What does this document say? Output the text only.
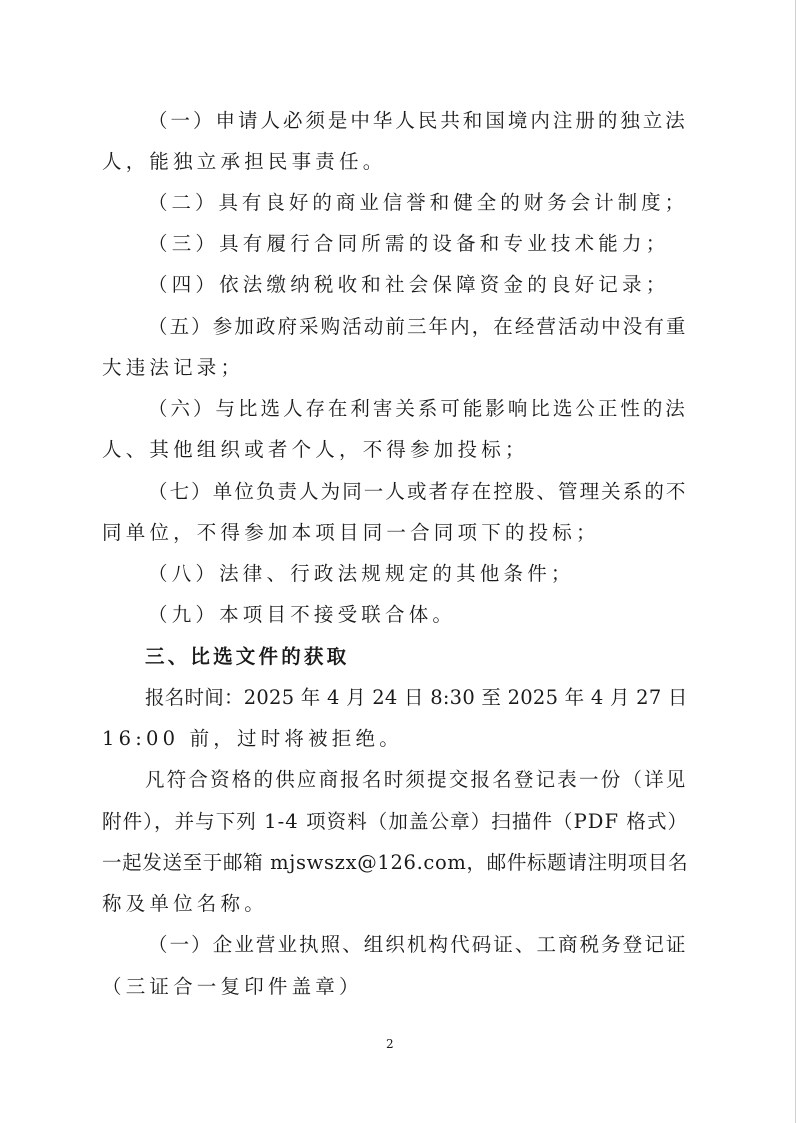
（一）申请人必须是中华人民共和国境内注册的独立法
人，能独立承担民事责任。
（二）具有良好的商业信誉和健全的财务会计制度；
（三）具有履行合同所需的设备和专业技术能力；
（四）依法缴纳税收和社会保障资金的良好记录；
（五）参加政府采购活动前三年内，在经营活动中没有重
大违法记录；
（六）与比选人存在利害关系可能影响比选公正性的法
人、其他组织或者个人，不得参加投标；
（七）单位负责人为同一人或者存在控股、管理关系的不
同单位，不得参加本项目同一合同项下的投标；
（八）法律、行政法规规定的其他条件；
（九）本项目不接受联合体。
三、比选文件的获取
报名时间：2025 年 4 月 24 日 8:30 至 2025 年 4 月 27 日
16:00 前，过时将被拒绝。
凡符合资格的供应商报名时须提交报名登记表一份（详见
附件），并与下列 1-4 项资料（加盖公章）扫描件（PDF 格式）
一起发送至于邮箱 mjswszx@126.com，邮件标题请注明项目名
称及单位名称。
（一）企业营业执照、组织机构代码证、工商税务登记证
（三证合一复印件盖章）
2
